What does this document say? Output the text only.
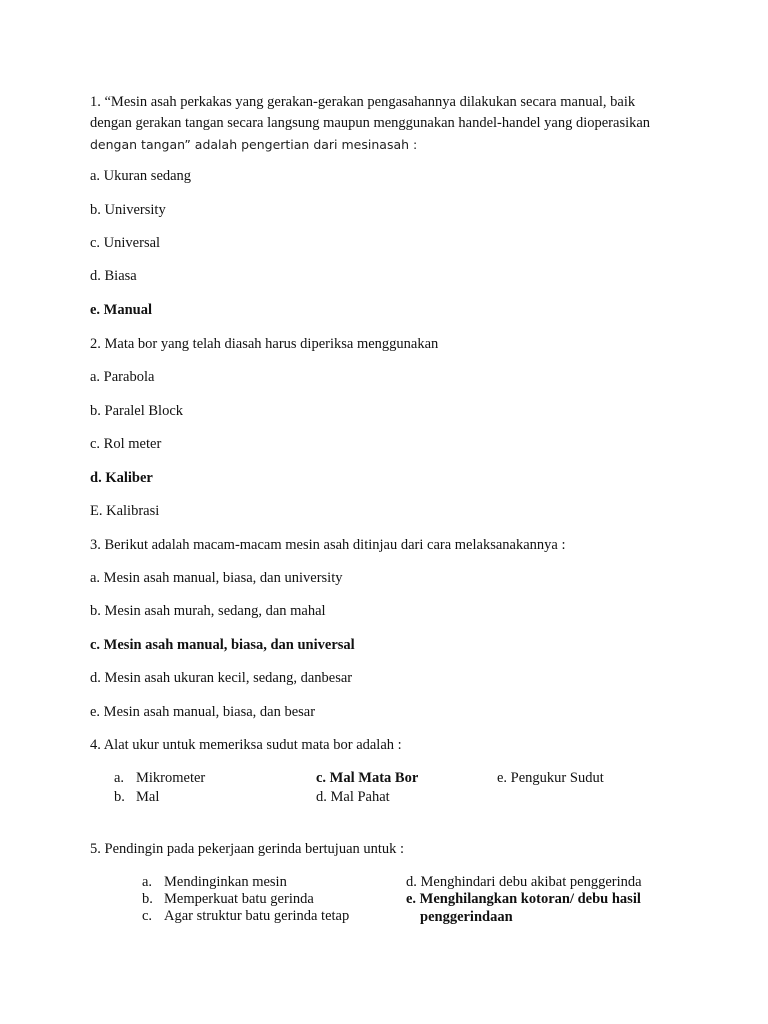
1. “Mesin asah perkakas yang gerakan-gerakan pengasahannya dilakukan secara manual, baik
dengan gerakan tangan secara langsung maupun menggunakan handel-handel yang dioperasikan
dengan tangan” adalah pengertian dari mesinasah :
a. Ukuran sedang
b. University
c. Universal
d. Biasa
e. Manual
2. Mata bor yang telah diasah harus diperiksa menggunakan
a. Parabola
b. Paralel Block
c. Rol meter
d. Kaliber
E. Kalibrasi
3. Berikut adalah macam-macam mesin asah ditinjau dari cara melaksanakannya :
a. Mesin asah manual, biasa, dan university
b. Mesin asah murah, sedang, dan mahal
c. Mesin asah manual, biasa, dan universal
d. Mesin asah ukuran kecil, sedang, danbesar
e. Mesin asah manual, biasa, dan besar
4. Alat ukur untuk memeriksa sudut mata bor adalah :
a. Mikrometer
b. Mal
c. Mal Mata Bor
d. Mal Pahat
e. Pengukur Sudut
5. Pendingin pada pekerjaan gerinda bertujuan untuk :
a. Mendinginkan mesin
b. Memperkuat batu gerinda
c. Agar struktur batu gerinda tetap
d. Menghindari debu akibat penggerinda
e. Menghilangkan kotoran/ debu hasil
penggerindaan
